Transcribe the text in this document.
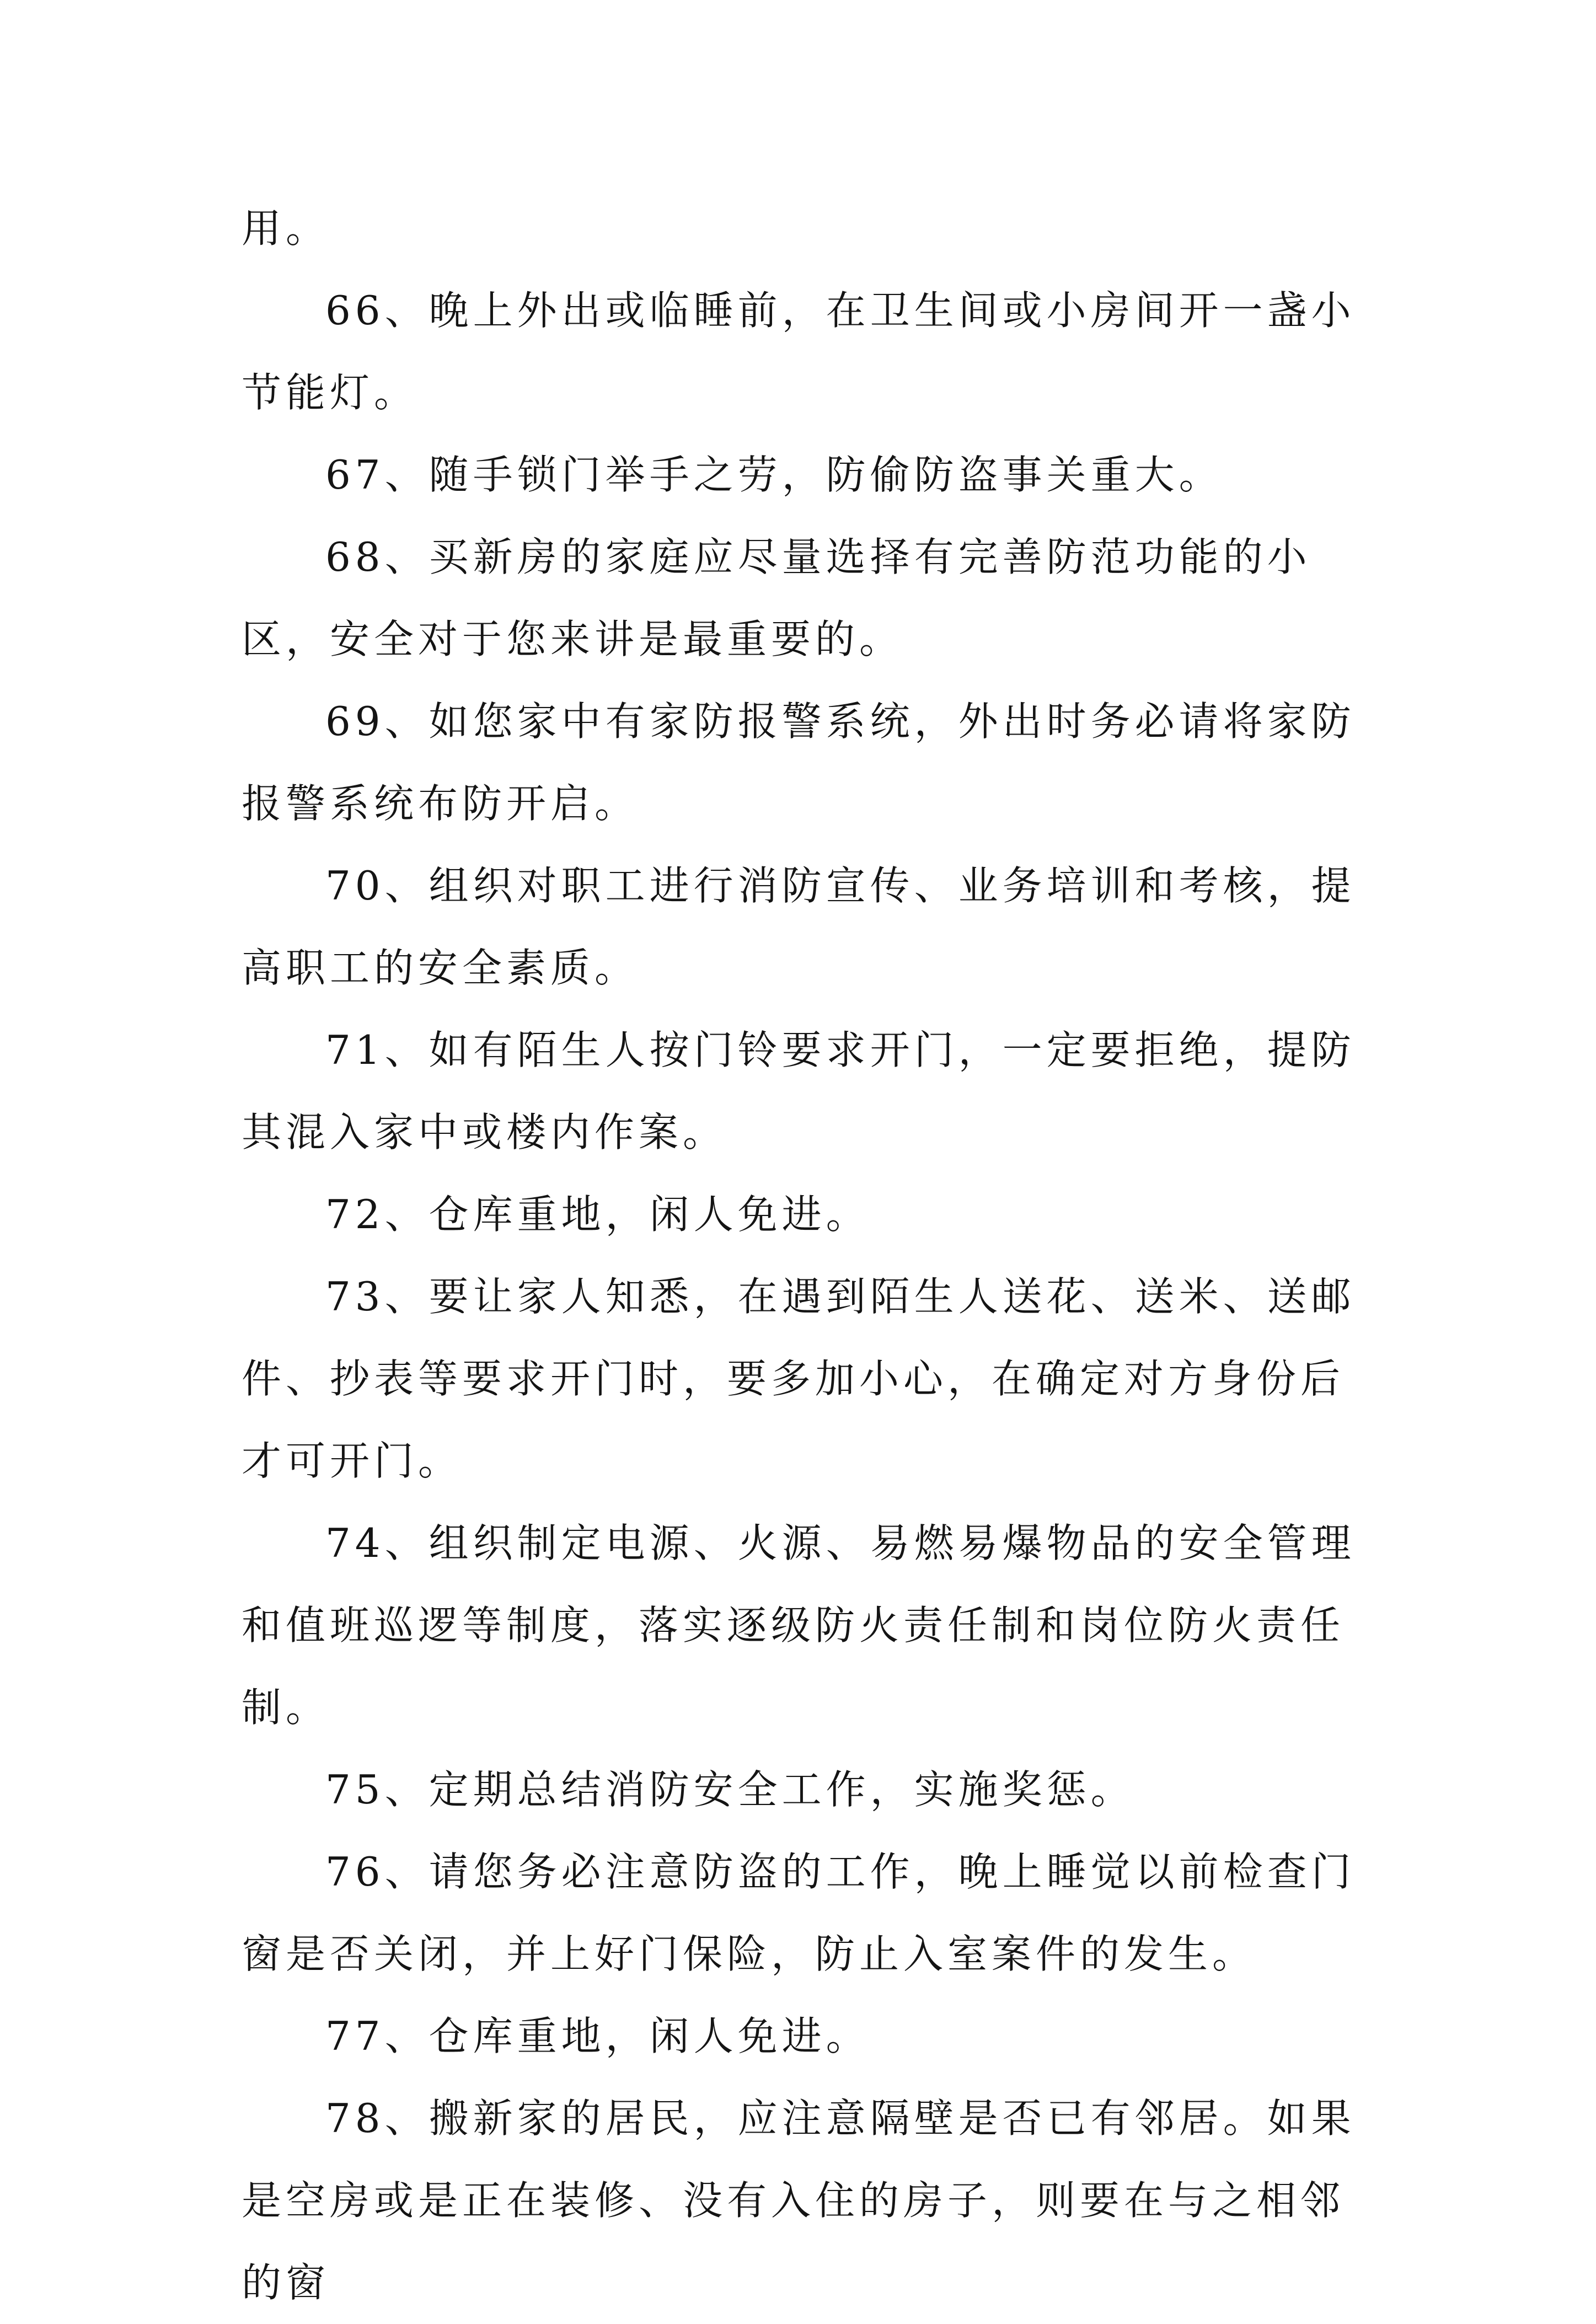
用。

66、晚上外出或临睡前，在卫生间或小房间开一盏小节能灯。

67、随手锁门举手之劳，防偷防盗事关重大。

68、买新房的家庭应尽量选择有完善防范功能的小区，安全对于您来讲是最重要的。

69、如您家中有家防报警系统，外出时务必请将家防报警系统布防开启。

70、组织对职工进行消防宣传、业务培训和考核，提高职工的安全素质。

71、如有陌生人按门铃要求开门，一定要拒绝，提防其混入家中或楼内作案。

72、仓库重地，闲人免进。

73、要让家人知悉，在遇到陌生人送花、送米、送邮件、抄表等要求开门时，要多加小心，在确定对方身份后才可开门。

74、组织制定电源、火源、易燃易爆物品的安全管理和值班巡逻等制度，落实逐级防火责任制和岗位防火责任制。

75、定期总结消防安全工作，实施奖惩。

76、请您务必注意防盗的工作，晚上睡觉以前检查门窗是否关闭，并上好门保险，防止入室案件的发生。

77、仓库重地，闲人免进。

78、搬新家的居民，应注意隔壁是否已有邻居。如果是空房或是正在装修、没有入住的房子，则要在与之相邻的窗
